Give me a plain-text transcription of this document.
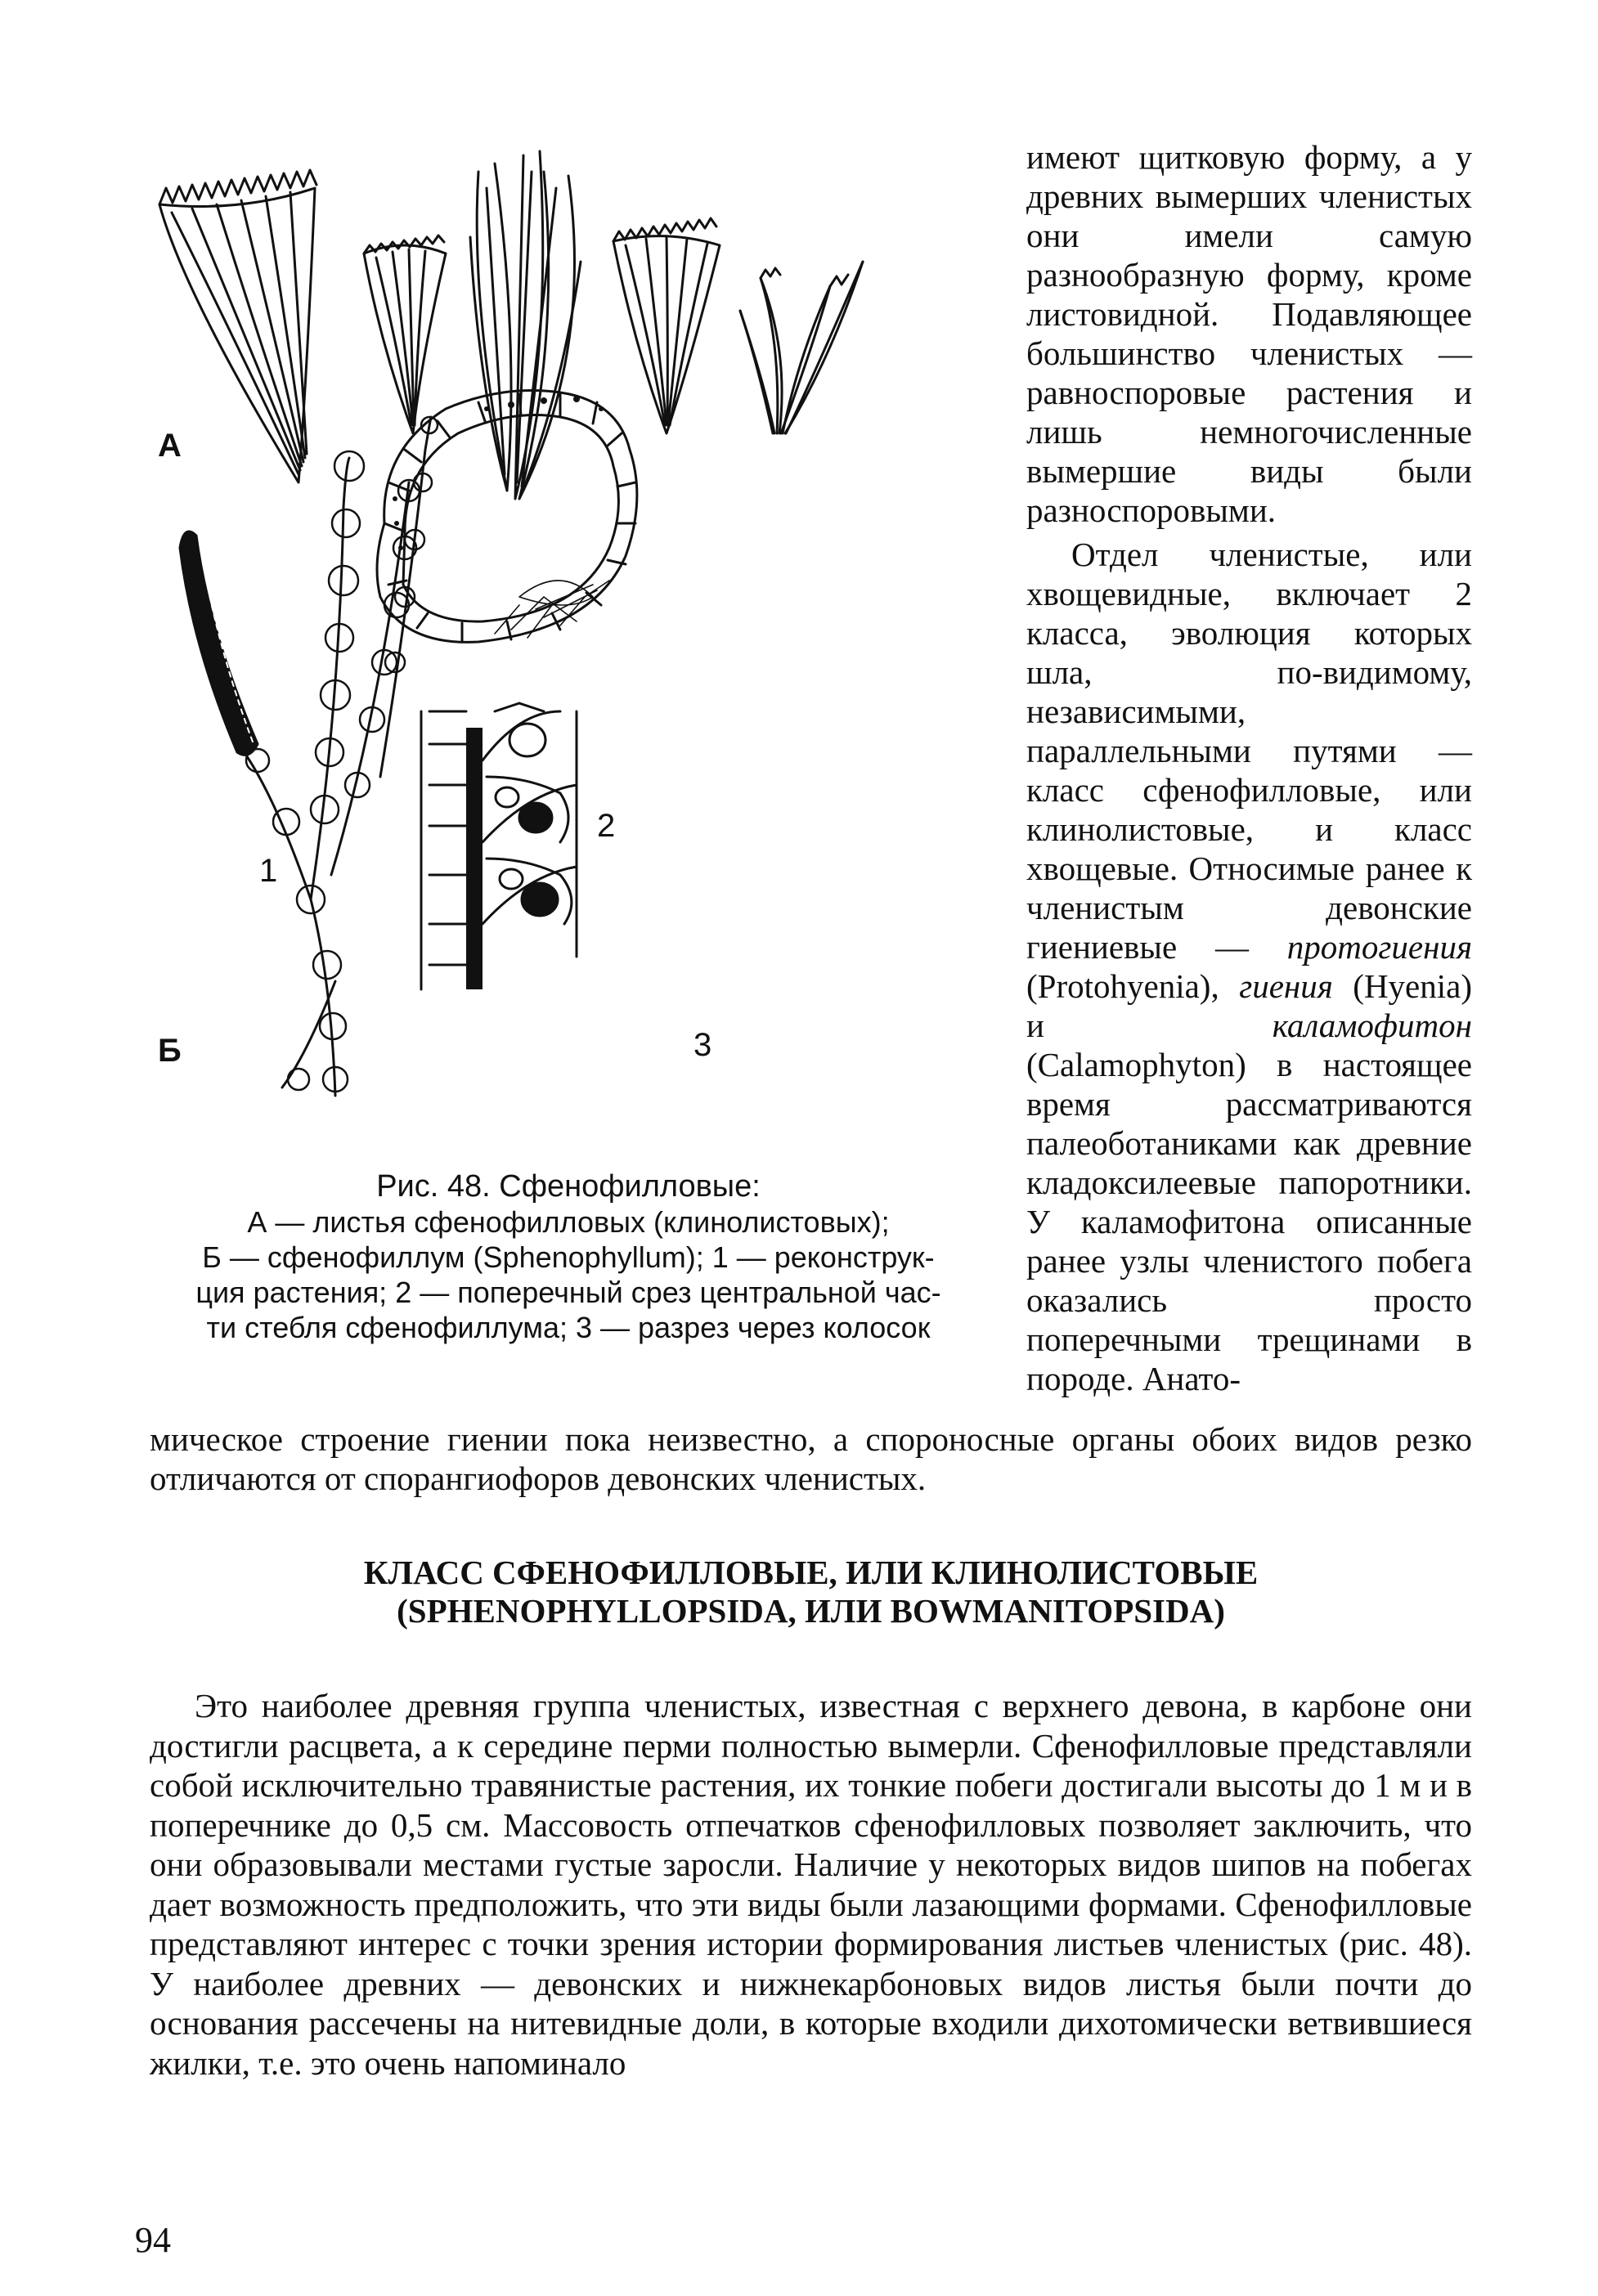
А
Б
1
2
3
Рис. 48. Сфенофилловые:
А — листья сфенофилловых (клинолистовых);
Б — сфенофиллум (Sphenophyllum); 1 — реконструк-
ция растения; 2 — поперечный срез центральной час-
ти стебля сфенофиллума; 3 — разрез через колосок

имеют щитковую форму, а у древних вымерших членистых они имели самую разнообразную форму, кроме листовидной. Подавляющее большинство членистых — равноспоровые растения и лишь немногочисленные вымершие виды были разноспоровыми.

Отдел членистые, или хвощевидные, включает 2 класса, эволюция которых шла, по-видимому, независимыми, параллельными путями — класс сфенофилловые, или клинолистовые, и класс хвощевые. Относимые ранее к членистым девонские гиениевые — протогиения (Protohyenia), гиения (Hyenia) и каламофитон (Calamophyton) в настоящее время рассматриваются палеоботаниками как древние кладоксилеевые папоротники. У каламофитона описанные ранее узлы членистого побега оказались просто поперечными трещинами в породе. Анато-

мическое строение гиении пока неизвестно, а спороносные органы обоих видов резко отличаются от спорангиофоров девонских членистых.
КЛАСС СФЕНОФИЛЛОВЫЕ, ИЛИ КЛИНОЛИСТОВЫЕ
(SPHENOPHYLLOPSIDA, ИЛИ BOWMANITOPSIDA)
Это наиболее древняя группа членистых, известная с верхнего девона, в карбоне они достигли расцвета, а к середине перми полностью вымерли. Сфенофилловые представляли собой исключительно травянистые растения, их тонкие побеги достигали высоты до 1 м и в поперечнике до 0,5 см. Массовость отпечатков сфенофилловых позволяет заключить, что они образовывали местами густые заросли. Наличие у некоторых видов шипов на побегах дает возможность предположить, что эти виды были лазающими формами. Сфенофилловые представляют интерес с точки зрения истории формирования листьев членистых (рис. 48). У наиболее древних — девонских и нижнекарбоновых видов листья были почти до основания рассечены на нитевидные доли, в которые входили дихотомически ветвившиеся жилки, т.е. это очень напоминало
94
